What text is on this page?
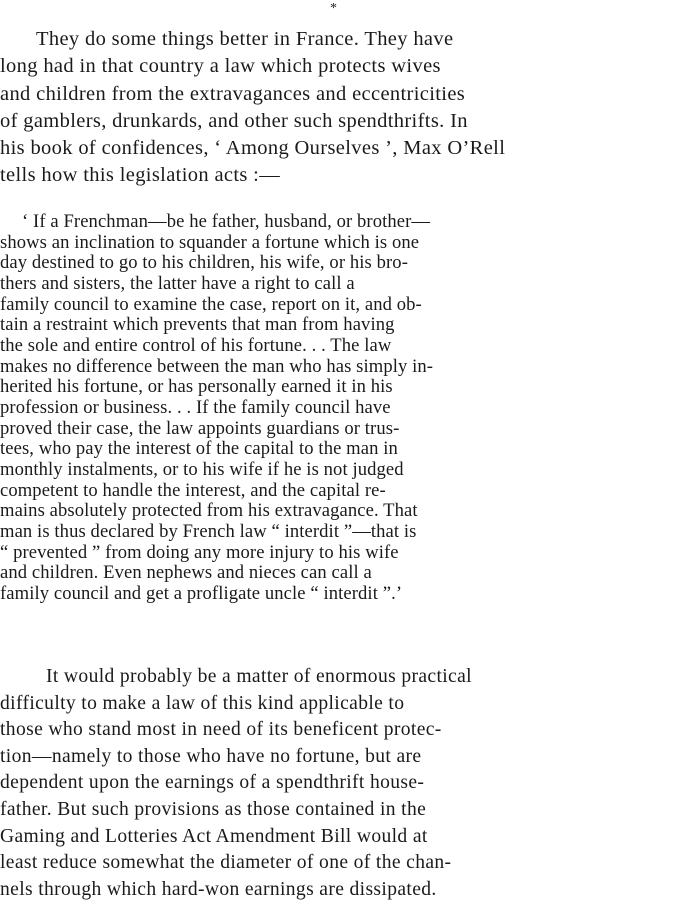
*
They do some things better in France. They have
long had in that country a law which protects wives
and children from the extravagances and eccentricities
of gamblers, drunkards, and other such spendthrifts. In
his book of confidences, ‘ Among Ourselves ’, Max O’Rell
tells how this legislation acts :—
‘ If a Frenchman—be he father, husband, or brother—
shows an inclination to squander a fortune which is one
day destined to go to his children, his wife, or his bro-
thers and sisters, the latter have a right to call a
family council to examine the case, report on it, and ob-
tain a restraint which prevents that man from having
the sole and entire control of his fortune. . . The law
makes no difference between the man who has simply in-
herited his fortune, or has personally earned it in his
profession or business. . . If the family council have
proved their case, the law appoints guardians or trus-
tees, who pay the interest of the capital to the man in
monthly instalments, or to his wife if he is not judged
competent to handle the interest, and the capital re-
mains absolutely protected from his extravagance. That
man is thus declared by French law “ interdit ”—that is
“ prevented ” from doing any more injury to his wife
and children. Even nephews and nieces can call a
family council and get a profligate uncle “ interdit ”.’
It would probably be a matter of enormous practical
difficulty to make a law of this kind applicable to
those who stand most in need of its beneficent protec-
tion—namely to those who have no fortune, but are
dependent upon the earnings of a spendthrift house-
father. But such provisions as those contained in the
Gaming and Lotteries Act Amendment Bill would at
least reduce somewhat the diameter of one of the chan-
nels through which hard-won earnings are dissipated.
